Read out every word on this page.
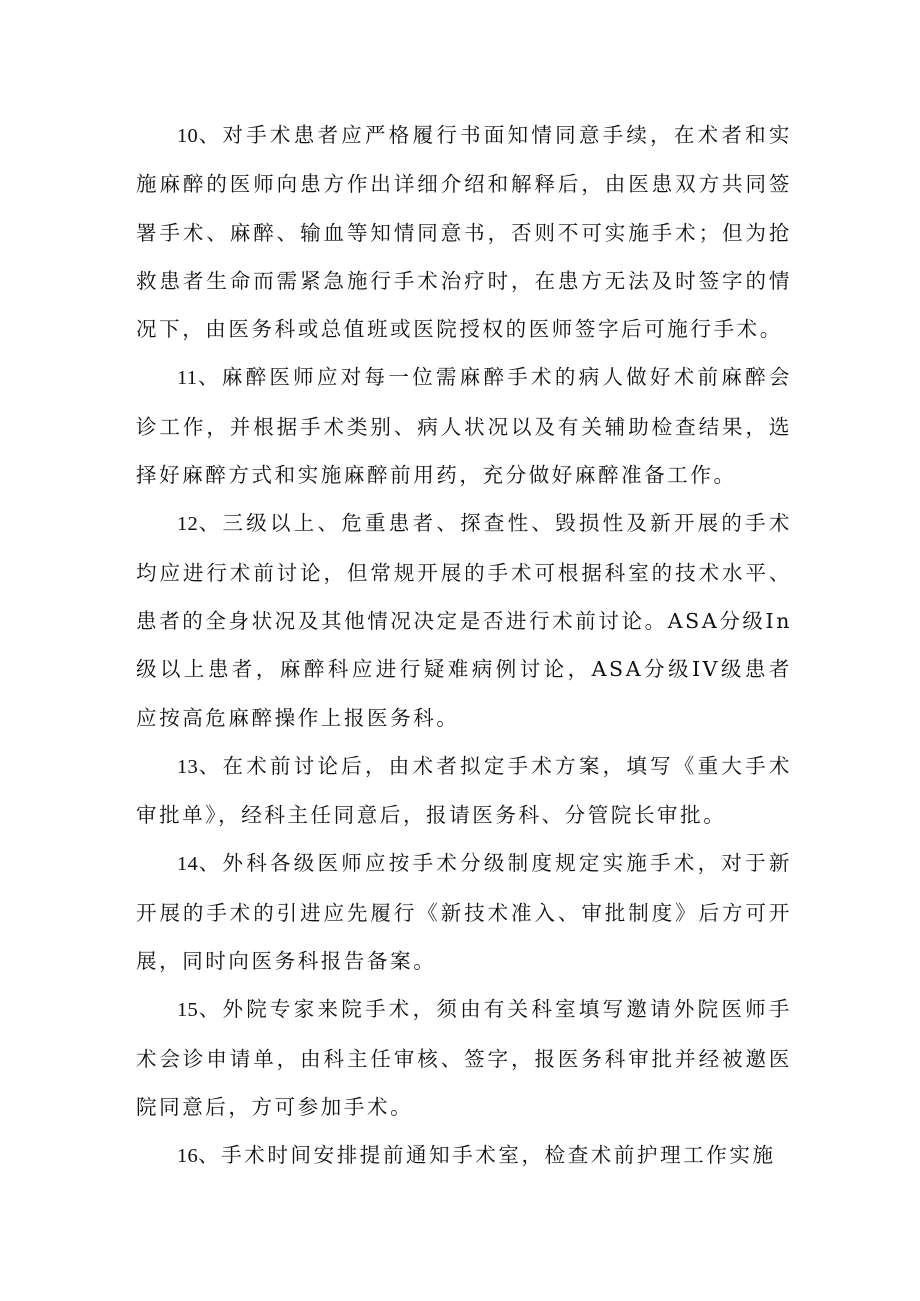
10、对手术患者应严格履行书面知情同意手续，在术者和实施麻醉的医师向患方作出详细介绍和解释后，由医患双方共同签署手术、麻醉、输血等知情同意书，否则不可实施手术；但为抢救患者生命而需紧急施行手术治疗时，在患方无法及时签字的情况下，由医务科或总值班或医院授权的医师签字后可施行手术。

11、麻醉医师应对每一位需麻醉手术的病人做好术前麻醉会诊工作，并根据手术类别、病人状况以及有关辅助检查结果，选择好麻醉方式和实施麻醉前用药，充分做好麻醉准备工作。

12、三级以上、危重患者、探查性、毁损性及新开展的手术均应进行术前讨论，但常规开展的手术可根据科室的技术水平、患者的全身状况及其他情况决定是否进行术前讨论。ASA分级In级以上患者，麻醉科应进行疑难病例讨论，ASA分级IV级患者应按高危麻醉操作上报医务科。

13、在术前讨论后，由术者拟定手术方案，填写《重大手术审批单》，经科主任同意后，报请医务科、分管院长审批。

14、外科各级医师应按手术分级制度规定实施手术，对于新开展的手术的引进应先履行《新技术准入、审批制度》后方可开展，同时向医务科报告备案。

15、外院专家来院手术，须由有关科室填写邀请外院医师手术会诊申请单，由科主任审核、签字，报医务科审批并经被邀医院同意后，方可参加手术。

16、手术时间安排提前通知手术室，检查术前护理工作实施
